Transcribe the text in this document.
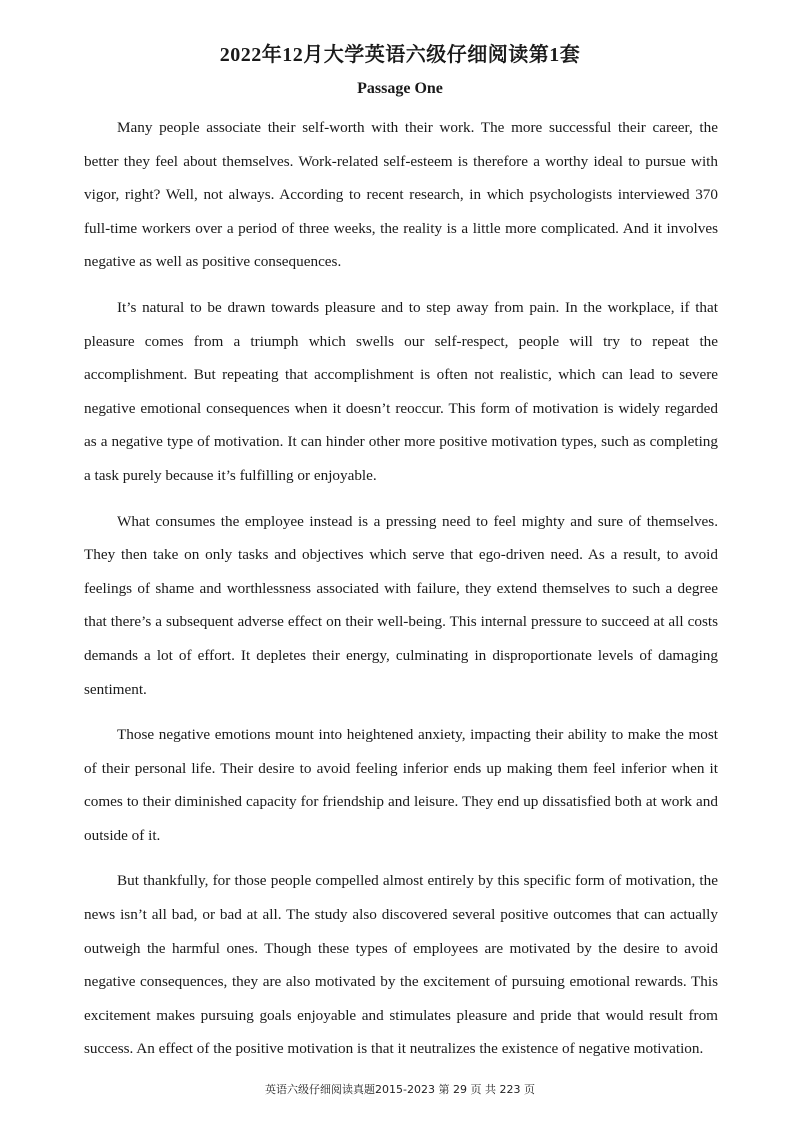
2022年12月大学英语六级仔细阅读第1套
Passage One

Many people associate their self-worth with their work. The more successful their career, the better they feel about themselves. Work-related self-esteem is therefore a worthy ideal to pursue with vigor, right? Well, not always. According to recent research, in which psychologists interviewed 370 full-time workers over a period of three weeks, the reality is a little more complicated. And it involves negative as well as positive consequences.

It’s natural to be drawn towards pleasure and to step away from pain. In the workplace, if that pleasure comes from a triumph which swells our self-respect, people will try to repeat the accomplishment. But repeating that accomplishment is often not realistic, which can lead to severe negative emotional consequences when it doesn’t reoccur. This form of motivation is widely regarded as a negative type of motivation. It can hinder other more positive motivation types, such as completing a task purely because it’s fulfilling or enjoyable.

What consumes the employee instead is a pressing need to feel mighty and sure of themselves. They then take on only tasks and objectives which serve that ego-driven need. As a result, to avoid feelings of shame and worthlessness associated with failure, they extend themselves to such a degree that there’s a subsequent adverse effect on their well-being. This internal pressure to succeed at all costs demands a lot of effort. It depletes their energy, culminating in disproportionate levels of damaging sentiment.

Those negative emotions mount into heightened anxiety, impacting their ability to make the most of their personal life. Their desire to avoid feeling inferior ends up making them feel inferior when it comes to their diminished capacity for friendship and leisure. They end up dissatisfied both at work and outside of it.

But thankfully, for those people compelled almost entirely by this specific form of motivation, the news isn’t all bad, or bad at all. The study also discovered several positive outcomes that can actually outweigh the harmful ones. Though these types of employees are motivated by the desire to avoid negative consequences, they are also motivated by the excitement of pursuing emotional rewards. This excitement makes pursuing goals enjoyable and stimulates pleasure and pride that would result from success. An effect of the positive motivation is that it neutralizes the existence of negative motivation.

英语六级仔细阅读真题2015-2023 第 29 页 共 223 页
